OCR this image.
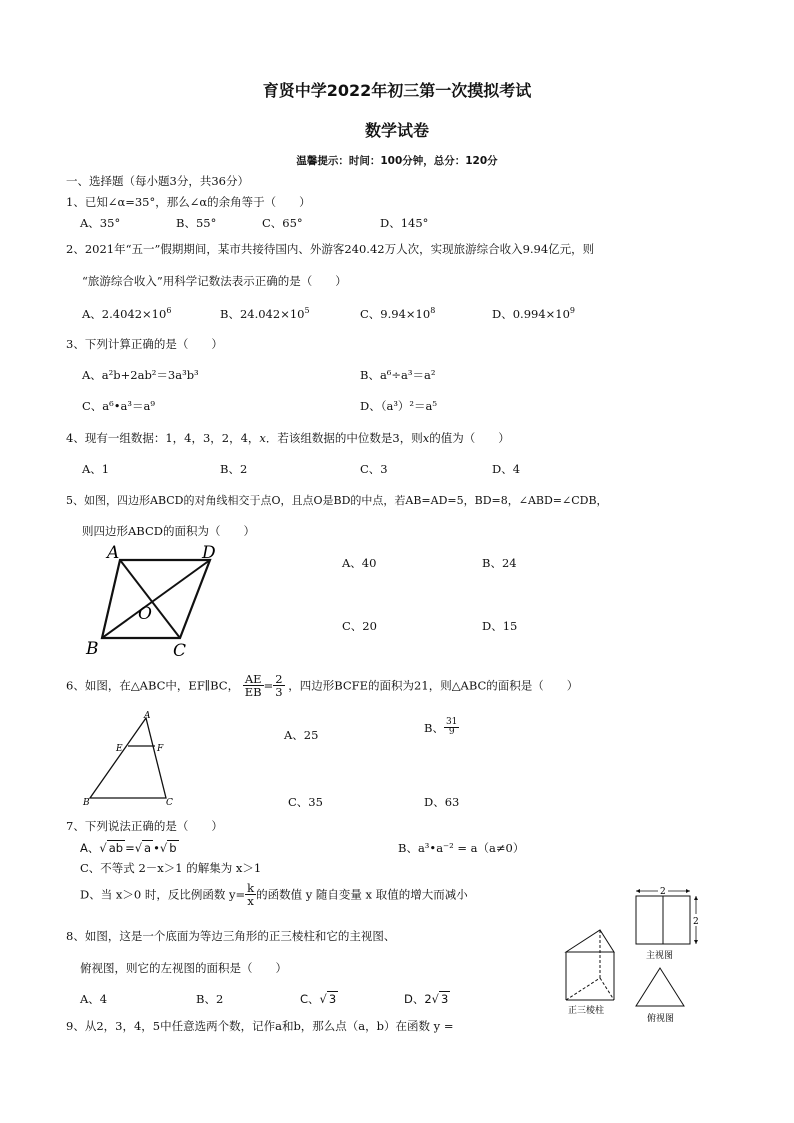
育贤中学2022年初三第一次摸拟考试
数学试卷
温馨提示：时间：100分钟，总分：120分
一、选择题（每小题3分，共36分）
1、已知∠α=35°，那么∠α的余角等于（　　）
A、35°	B、55°	C、65°	D、145°
2、2021年“五一”假期期间，某市共接待国内、外游客240.42万人次，实现旅游综合收入9.94亿元，则
“旅游综合收入”用科学记数法表示正确的是（　　）
A、$2.4042\times 10^6$	B、$24.042\times 10^5$	C、$9.94\times 10^8$	D、$0.994\times 10^9$
3、下列计算正确的是（　　）
A、a²b+2ab²＝3a³b³	B、a⁶÷a³＝a²
C、a⁶•a³＝a⁹	D、（a³）²＝a⁵
4、现有一组数据：1，4，3，2，4，x．若该组数据的中位数是3，则x的值为（　　）
A、1	B、2	C、3	D、4
5、如图，四边形ABCD的对角线相交于点O，且点O是BD的中点，若AB=AD=5，BD=8，∠ABD=∠CDB，
则四边形ABCD的面积为（　　）
A	D
O
B	C
A、40	B、24
C、20	D、15
6、如图，在△ABC中，EF∥BC， $\frac{AE}{EB} = \frac{2}{3}$ ，四边形BCFE的面积为21，则△ABC的面积是（　　）
A
E	F
B	C
A、25
B、 $\frac{31}{9}$
C、35	D、63
7、下列说法正确的是（　　）
A、√ ab =√ a •√ b	B、a³•a⁻² = a（a≠0）
C、不等式 2－x＞1 的解集为 x＞1
D、当 x＞0 时，反比例函数 $y= \frac{k}{x}$ 的函数值 y 随自变量 x 取值的增大而减小
8、如图，这是一个底面为等边三角形的正三棱柱和它的主视图、
俯视图，则它的左视图的面积是（　　）
A、4	B、2	C、√ 3	D、2√ 3
正三棱柱
2
2
主视图
俯视图
9、从2，3，4，5中任意选两个数，记作a和b，那么点（a，b）在函数 y =
